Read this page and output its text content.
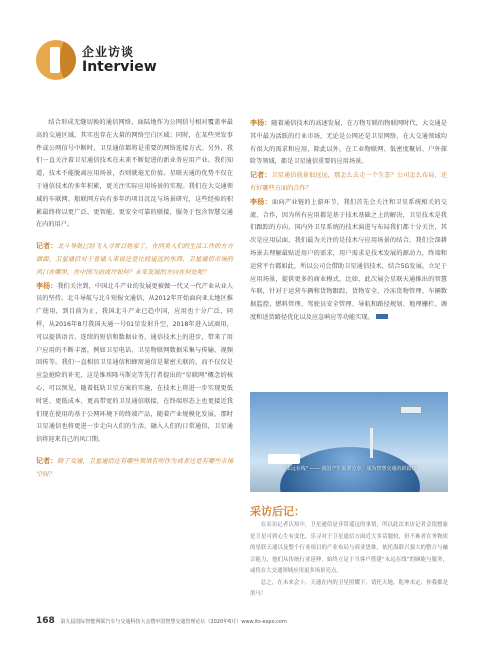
企业访谈
Interview

结合形成无缝切换的通信网络，面陆地作为公网信号相对覆盖率最高的交通区域，其实也存在大量的网络空白区域；同时，在某些突发事件或公网信号中断时，卫星通信都将是重要的网络连接方式。另外，我们一直关注着卫星通信技术在未来不断促进的新业务应用产业。我们知道，技术不能脱离应用场景，否则就毫无价值。星联天通的优势不仅在于通信技术的多年积累，更关注实际应用场景的实现。我们在大交通领域的车联网、船联网方向有多年的项目沉淀与场景研究，这些经验的积累最终将以更广泛、更智能、更安全可靠的联接，服务于包含智慧交通在内的用户。

记者：北斗导航已经飞入寻常百姓家了，在同类人们的生活工作的方方面面，卫星通信对于普通人来说还是比较遥远的东西，卫星通信市场的风口在哪里，在中国当前或许如何？未来发展的方向在何处呢？

李杨：我们关注到，中国北斗产业的发展更被做一代又一代产业从业人员的坚持。北斗导航与北斗短报文通信，从2012年开始面向亚太地区推广使用，到目前为止，我国北斗产业已趋中国，应用也十分广泛，同样，从2016年8月我国天通一号01星发射升空，2018年进入试商用，可以提供语音、连续的短信和数据业务，通信技术上的进步，带来了用户应用的不断丰富，例如卫星电话、卫星物联网数据采集与传输、视频回传等。我们一直相信卫星通信和蜂窝通信是紧密关联的，而不仅仅是应急抢险的补充，这是维埃隆马斯克等先行者提出的“星联网”概念的核心，可以预见，随着低轨卫星方案的实施，在技术上将进一步实现更低时延、更低成本、更高带宽的卫星通信联接，在终端形态上也更接近我们现在使用的基于公网环境下的终端产品，随着产业规模化发展，那时卫星通信也将更进一步走向人们的生活，融入人们的日常通信，卫星通信将迎来自己的风口期。

记者：除了交通，卫星通信还有哪些领域有所作为或者还是有哪些市场空间？

李杨：随着通信技术的高速发展，在万物互联的物联网时代，大交通是其中最为活跃的行业市场，无论是公网还是卫星网络，在大交通领域均有很大的需求和应用，除此以外，在工业物联网、低密度聚居、户外探险等领域，都是卫星通信重要的应用场景。

记者：卫星通信前景很远远，那怎么去走一个生态？公司怎么布局，还有好哪些方面的合作？

李杨：面向产业链的上游环节，我们首先会关注和卫星系统相关的交流、合作，因为所有应用都是基于技术基础之上的解决，卫星技术是我们跟踪的方向，国内外卫星系统的技术演进与布局我们都十分关注，其次是应用层面，我们最为关注的是技术与应用场景的结合，我们会深耕场景去理解最贴近用户的需求，用户需求是技术发展的源动力，终端和运营平台都如此，所以公司会借助卫星通信技术，结合5G发展，立足于应用场景，提供更多的商业模式，比如，此次展会星联天通推出的智慧车联，针对于运营车辆和货物跟踪，货物安全、冷冻货物管理、车辆数据监控、燃料管理、驾驶员安全管理、导航和路径规划、地理栅栏、调度和送货路径优化以及应急响应等功能实现。

"永远在线" —— 我国产生需要分享，成为智慧交通的新篇章
采访后记：

在采访记者认知中，卫星通信是非常遥远的事情，所以此次来访记者会很想象是卫星可到心生有变化，乐寻对于卫星通信方面近大多话题较，但不难者在务物质的星联天通以及整个行业项目的产业布局与商业思维，依托海联兴强大的整合与融合能力，他们从传统行业延伸，始终立足于当客户搭建“永远在线”的顾能与服务，或将在大交通领域应用更多场景亮点。

总之，在未来会十，天通在内的卫星照耀下，请托天地，乾坤未定，你我都是黑马！

168 第九届国际智能网联汽车与交通科技大会暨中国智慧交通管理论坛（2020年6月）www.its-expo.com
